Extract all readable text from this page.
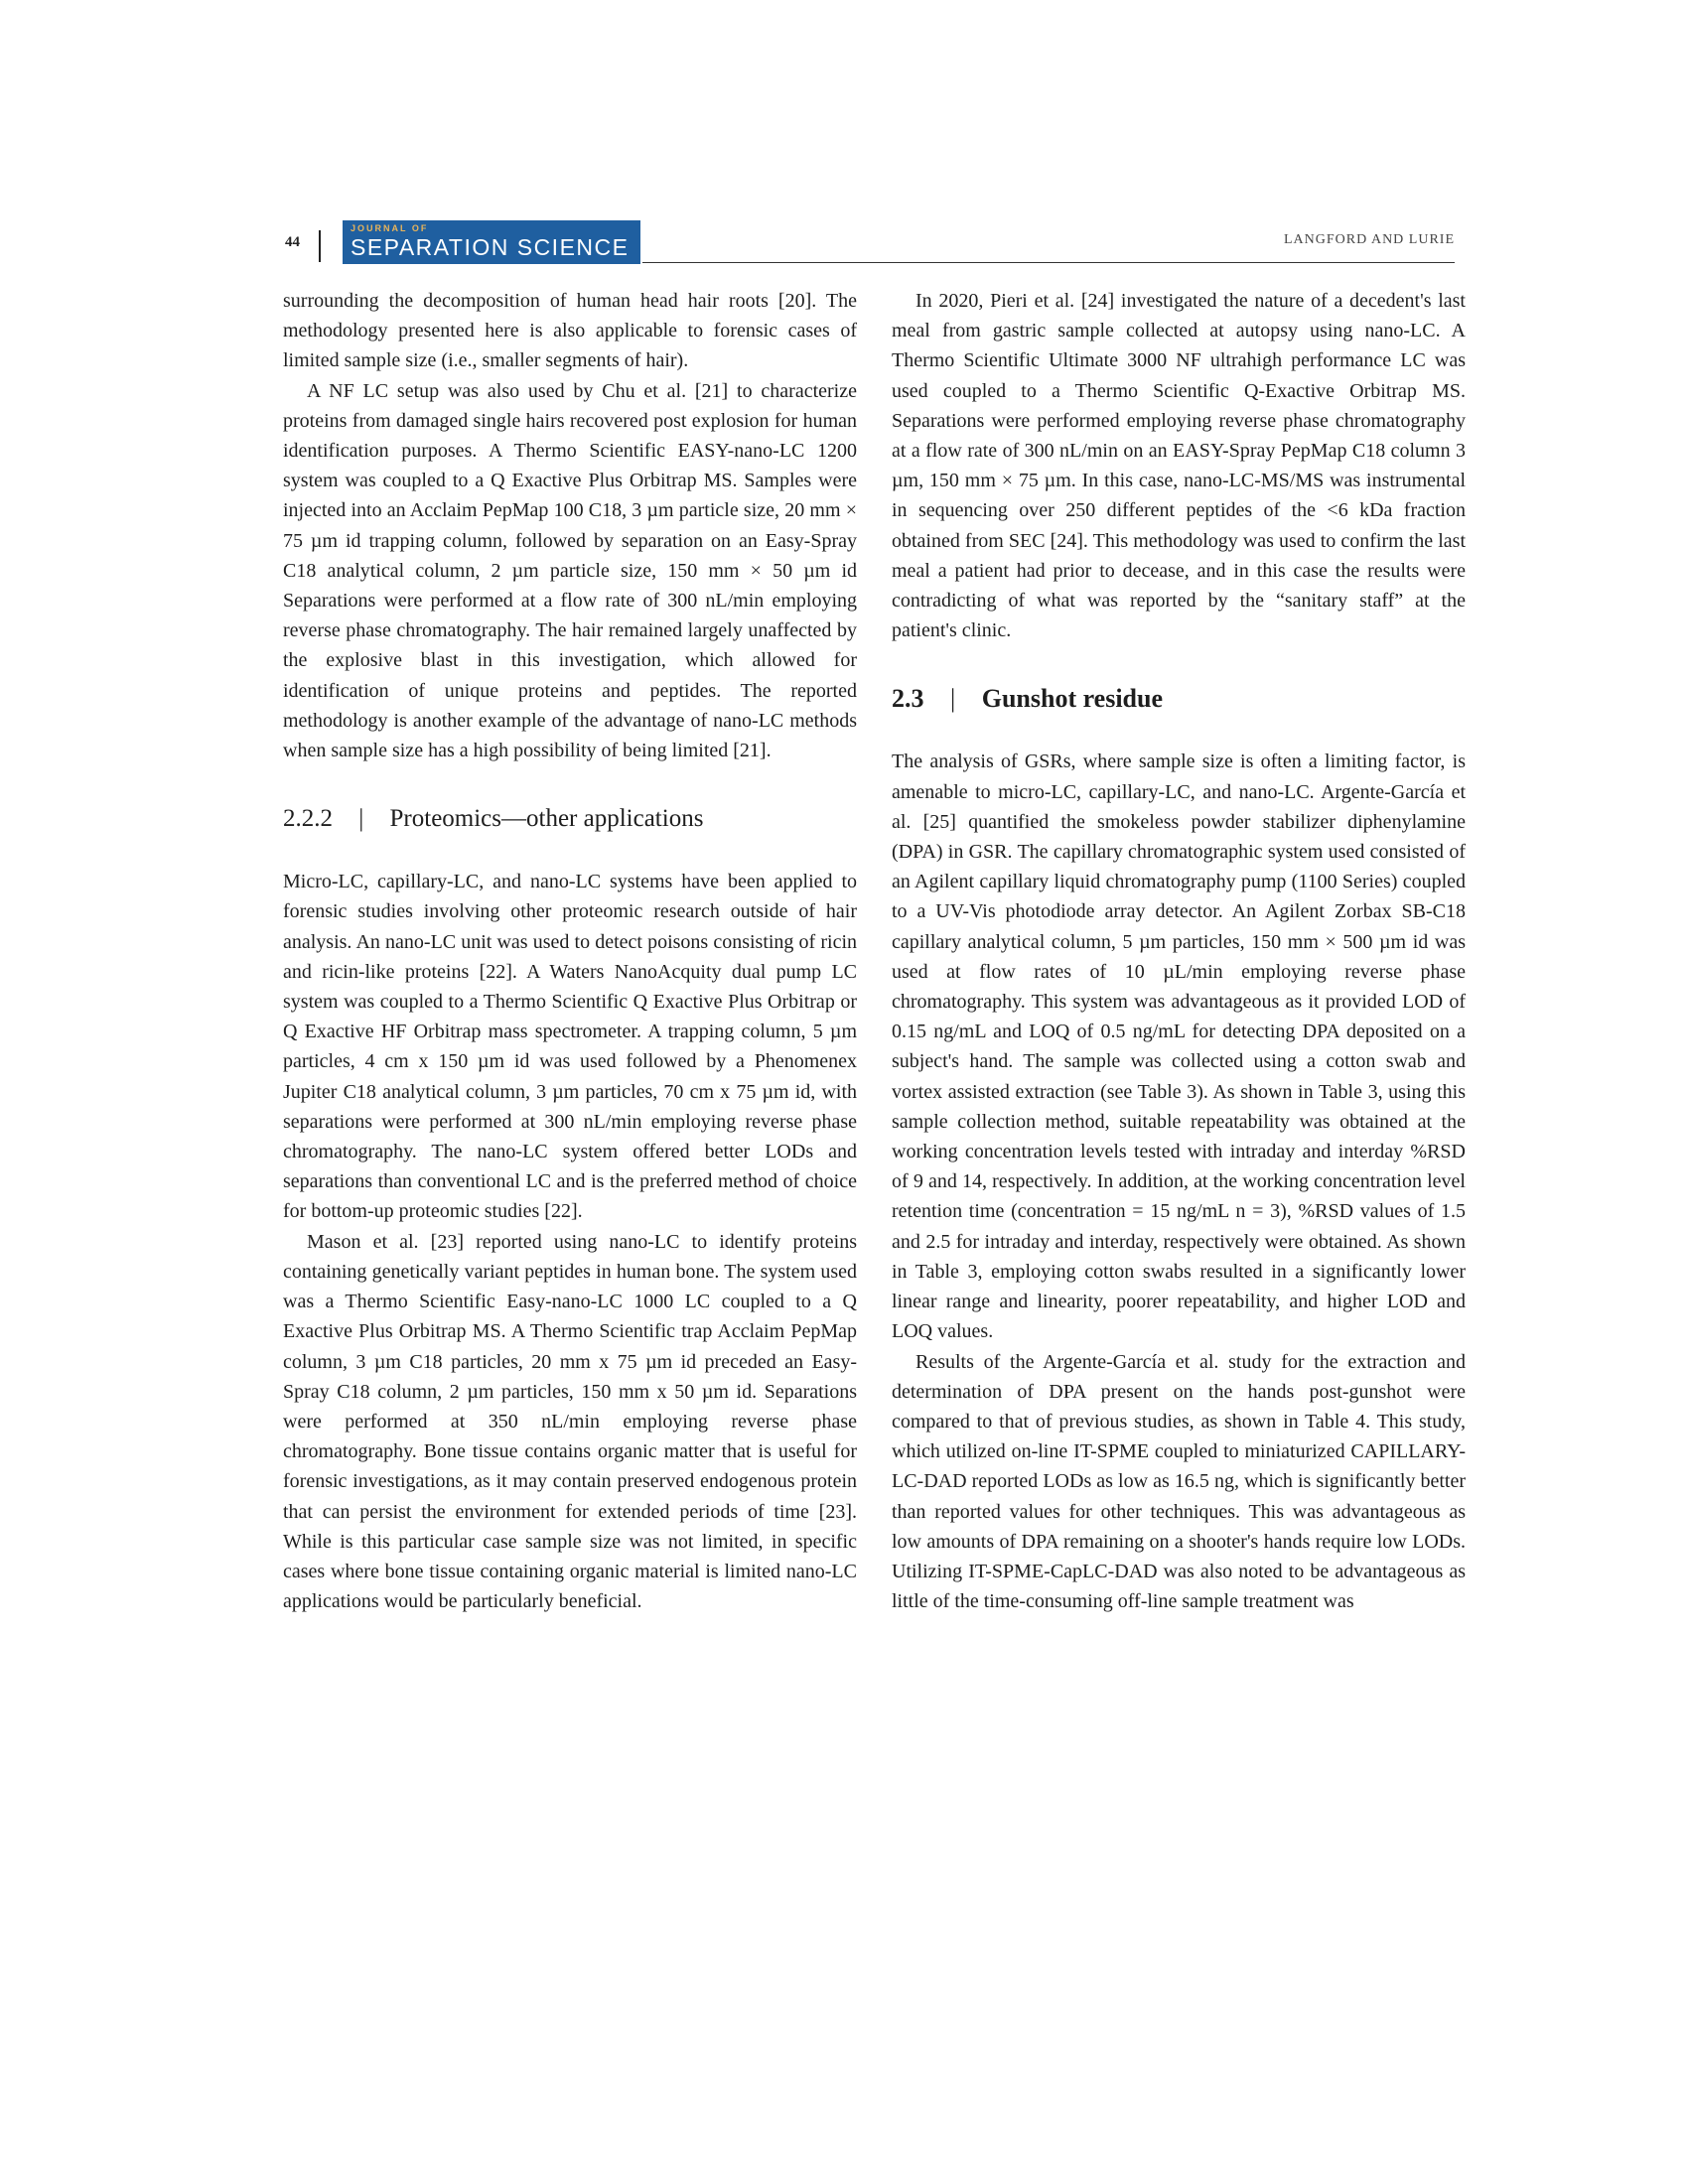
44
JOURNAL OF
SEPARATION SCIENCE	LANGFORD AND LURIE

surrounding the decomposition of human head hair roots [20]. The methodology presented here is also applicable to forensic cases of limited sample size (i.e., smaller segments of hair).

A NF LC setup was also used by Chu et al. [21] to characterize proteins from damaged single hairs recovered post explosion for human identification purposes. A Thermo Scientific EASY-nano-LC 1200 system was coupled to a Q Exactive Plus Orbitrap MS. Samples were injected into an Acclaim PepMap 100 C18, 3 µm particle size, 20 mm × 75 µm id trapping column, followed by separation on an Easy-Spray C18 analytical column, 2 µm particle size, 150 mm × 50 µm id Separations were performed at a flow rate of 300 nL/min employing reverse phase chromatography. The hair remained largely unaffected by the explosive blast in this investigation, which allowed for identification of unique proteins and peptides. The reported methodology is another example of the advantage of nano-LC methods when sample size has a high possibility of being limited [21].

2.2.2 | Proteomics—other applications

Micro-LC, capillary-LC, and nano-LC systems have been applied to forensic studies involving other proteomic research outside of hair analysis. An nano-LC unit was used to detect poisons consisting of ricin and ricin-like proteins [22]. A Waters NanoAcquity dual pump LC system was coupled to a Thermo Scientific Q Exactive Plus Orbitrap or Q Exactive HF Orbitrap mass spectrometer. A trapping column, 5 µm particles, 4 cm x 150 µm id was used followed by a Phenomenex Jupiter C18 analytical column, 3 µm particles, 70 cm x 75 µm id, with separations were performed at 300 nL/min employing reverse phase chromatography. The nano-LC system offered better LODs and separations than conventional LC and is the preferred method of choice for bottom-up proteomic studies [22].

Mason et al. [23] reported using nano-LC to identify proteins containing genetically variant peptides in human bone. The system used was a Thermo Scientific Easy-nano-LC 1000 LC coupled to a Q Exactive Plus Orbitrap MS. A Thermo Scientific trap Acclaim PepMap column, 3 µm C18 particles, 20 mm x 75 µm id preceded an Easy-Spray C18 column, 2 µm particles, 150 mm x 50 µm id. Separations were performed at 350 nL/min employing reverse phase chromatography. Bone tissue contains organic matter that is useful for forensic investigations, as it may contain preserved endogenous protein that can persist the environment for extended periods of time [23]. While is this particular case sample size was not limited, in specific cases where bone tissue containing organic material is limited nano-LC applications would be particularly beneficial.

In 2020, Pieri et al. [24] investigated the nature of a decedent's last meal from gastric sample collected at autopsy using nano-LC. A Thermo Scientific Ultimate 3000 NF ultrahigh performance LC was used coupled to a Thermo Scientific Q-Exactive Orbitrap MS. Separations were performed employing reverse phase chromatography at a flow rate of 300 nL/min on an EASY-Spray PepMap C18 column 3 µm, 150 mm × 75 µm. In this case, nano-LC-MS/MS was instrumental in sequencing over 250 different peptides of the <6 kDa fraction obtained from SEC [24]. This methodology was used to confirm the last meal a patient had prior to decease, and in this case the results were contradicting of what was reported by the “sanitary staff” at the patient's clinic.

2.3 | Gunshot residue

The analysis of GSRs, where sample size is often a limiting factor, is amenable to micro-LC, capillary-LC, and nano-LC. Argente-García et al. [25] quantified the smokeless powder stabilizer diphenylamine (DPA) in GSR. The capillary chromatographic system used consisted of an Agilent capillary liquid chromatography pump (1100 Series) coupled to a UV-Vis photodiode array detector. An Agilent Zorbax SB-C18 capillary analytical column, 5 µm particles, 150 mm × 500 µm id was used at flow rates of 10 µL/min employing reverse phase chromatography. This system was advantageous as it provided LOD of 0.15 ng/mL and LOQ of 0.5 ng/mL for detecting DPA deposited on a subject's hand. The sample was collected using a cotton swab and vortex assisted extraction (see Table 3). As shown in Table 3, using this sample collection method, suitable repeatability was obtained at the working concentration levels tested with intraday and interday %RSD of 9 and 14, respectively. In addition, at the working concentration level retention time (concentration = 15 ng/mL n = 3), %RSD values of 1.5 and 2.5 for intraday and interday, respectively were obtained. As shown in Table 3, employing cotton swabs resulted in a significantly lower linear range and linearity, poorer repeatability, and higher LOD and LOQ values.

Results of the Argente-García et al. study for the extraction and determination of DPA present on the hands post-gunshot were compared to that of previous studies, as shown in Table 4. This study, which utilized on-line IT-SPME coupled to miniaturized CAPILLARY-LC-DAD reported LODs as low as 16.5 ng, which is significantly better than reported values for other techniques. This was advantageous as low amounts of DPA remaining on a shooter's hands require low LODs. Utilizing IT-SPME-CapLC-DAD was also noted to be advantageous as little of the time-consuming off-line sample treatment was
